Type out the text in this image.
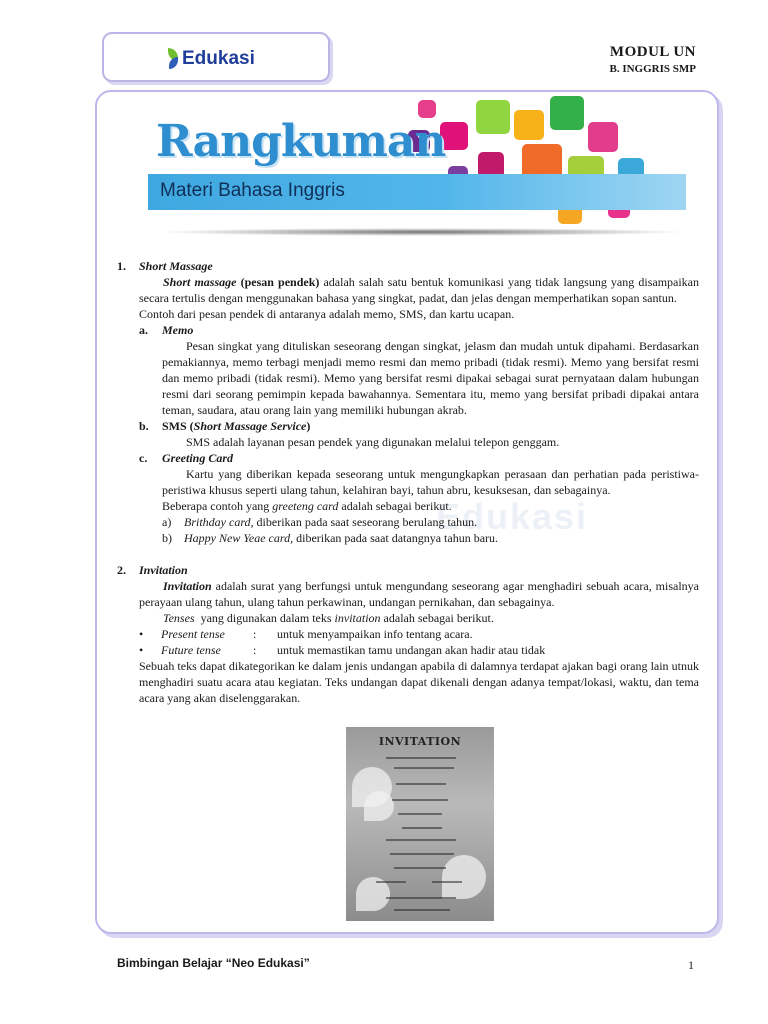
Edukasi	MODUL UN
B. INGGRIS SMP
Rangkuman
Materi Bahasa Inggris
Edukasi
1.	Short Massage

Short massage (pesan pendek) adalah salah satu bentuk komunikasi yang tidak langsung yang disampaikan secara tertulis dengan menggunakan bahasa yang singkat, padat, dan jelas dengan memperhatikan sopan santun.

Contoh dari pesan pendek di antaranya adalah memo, SMS, dan kartu ucapan.

a.	Memo

Pesan singkat yang dituliskan seseorang dengan singkat, jelasm dan mudah untuk dipahami. Berdasarkan pemakiannya, memo terbagi menjadi memo resmi dan memo pribadi (tidak resmi). Memo yang bersifat resmi dan memo pribadi (tidak resmi). Memo yang bersifat resmi dipakai sebagai surat pernyataan dalam hubungan resmi dari seorang pemimpin kepada bawahannya. Sementara itu, memo yang bersifat pribadi dipakai antara teman, saudara, atau orang lain yang memiliki hubungan akrab.

b.	SMS (Short Massage Service)

SMS adalah layanan pesan pendek yang digunakan melalui telepon genggam.

c.	Greeting Card

Kartu yang diberikan kepada seseorang untuk mengungkapkan perasaan dan perhatian pada peristiwa-peristiwa khusus seperti ulang tahun, kelahiran bayi, tahun abru, kesuksesan, dan sebagainya.

Beberapa contoh yang greeteng card adalah sebagai berikut.

a)	Brithday card, diberikan pada saat seseorang berulang tahun.
b)	Happy New Yeae card, diberikan pada saat datangnya tahun baru.
2.	Invitation

Invitation adalah surat yang berfungsi untuk mengundang seseorang agar menghadiri sebuah acara, misalnya perayaan ulang tahun, ulang tahun perkawinan, undangan pernikahan, dan sebagainya.

Tenses yang digunakan dalam teks invitation adalah sebagai berikut.

•	Present tense	:	untuk menyampaikan info tentang acara.
•	Future tense	:	untuk memastikan tamu undangan akan hadir atau tidak

Sebuah teks dapat dikategorikan ke dalam jenis undangan apabila di dalamnya terdapat ajakan bagi orang lain utnuk menghadiri suatu acara atau kegiatan. Teks undangan dapat dikenali dengan adanya tempat/lokasi, waktu, dan tema acara yang akan diselenggarakan.

INVITATION
Bimbingan Belajar “Neo Edukasi”	1
